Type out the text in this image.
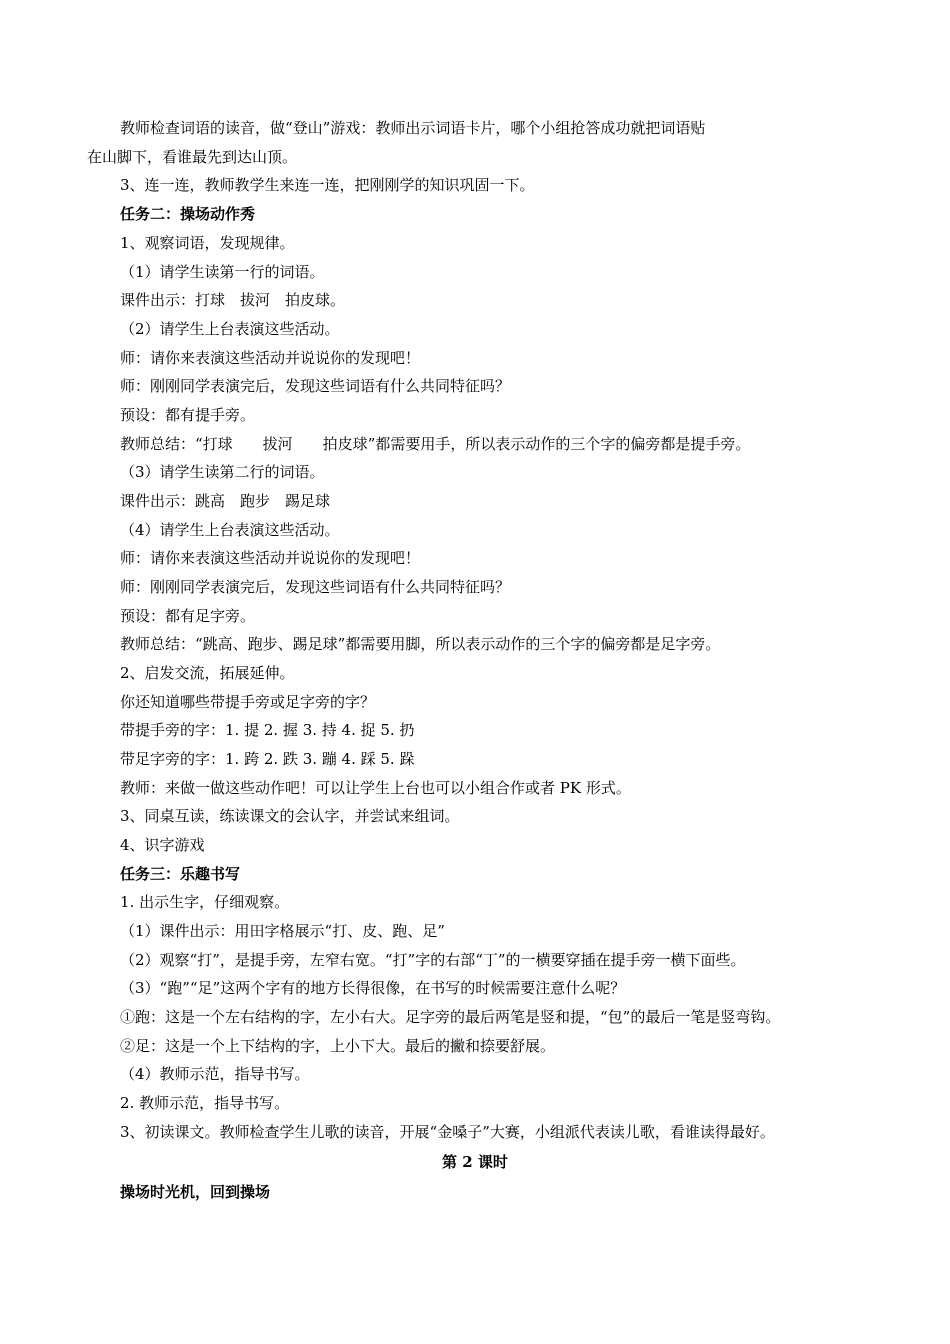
教师检查词语的读音，做“登山”游戏：教师出示词语卡片，哪个小组抢答成功就把词语贴
在山脚下，看谁最先到达山顶。
3、连一连，教师教学生来连一连，把刚刚学的知识巩固一下。
任务二：操场动作秀
1、观察词语，发现规律。
（1）请学生读第一行的词语。
课件出示：打球　拔河　拍皮球。
（2）请学生上台表演这些活动。
师：请你来表演这些活动并说说你的发现吧！
师：刚刚同学表演完后，发现这些词语有什么共同特征吗？
预设：都有提手旁。
教师总结：“打球　　拔河　　拍皮球”都需要用手，所以表示动作的三个字的偏旁都是提手旁。
（3）请学生读第二行的词语。
课件出示：跳高　跑步　踢足球
（4）请学生上台表演这些活动。
师：请你来表演这些活动并说说你的发现吧！
师：刚刚同学表演完后，发现这些词语有什么共同特征吗？
预设：都有足字旁。
教师总结：“跳高、跑步、踢足球”都需要用脚，所以表示动作的三个字的偏旁都是足字旁。
2、启发交流，拓展延伸。
你还知道哪些带提手旁或足字旁的字？
带提手旁的字：1. 提 2. 握 3. 持 4. 捉 5. 扔
带足字旁的字：1. 跨 2. 跌 3. 蹦 4. 踩 5. 跺
教师：来做一做这些动作吧！可以让学生上台也可以小组合作或者 PK 形式。
3、同桌互读，练读课文的会认字，并尝试来组词。
4、识字游戏
任务三：乐趣书写
1. 出示生字，仔细观察。
（1）课件出示：用田字格展示“打、皮、跑、足”
（2）观察“打”，是提手旁，左窄右宽。“打”字的右部“丁”的一横要穿插在提手旁一横下面些。
（3）“跑”“足”这两个字有的地方长得很像，在书写的时候需要注意什么呢？
①跑：这是一个左右结构的字，左小右大。足字旁的最后两笔是竖和提，“包”的最后一笔是竖弯钩。
②足：这是一个上下结构的字，上小下大。最后的撇和捺要舒展。
（4）教师示范，指导书写。
2. 教师示范，指导书写。
3、初读课文。教师检查学生儿歌的读音，开展“金嗓子”大赛，小组派代表读儿歌，看谁读得最好。
第 2 课时
操场时光机，回到操场
